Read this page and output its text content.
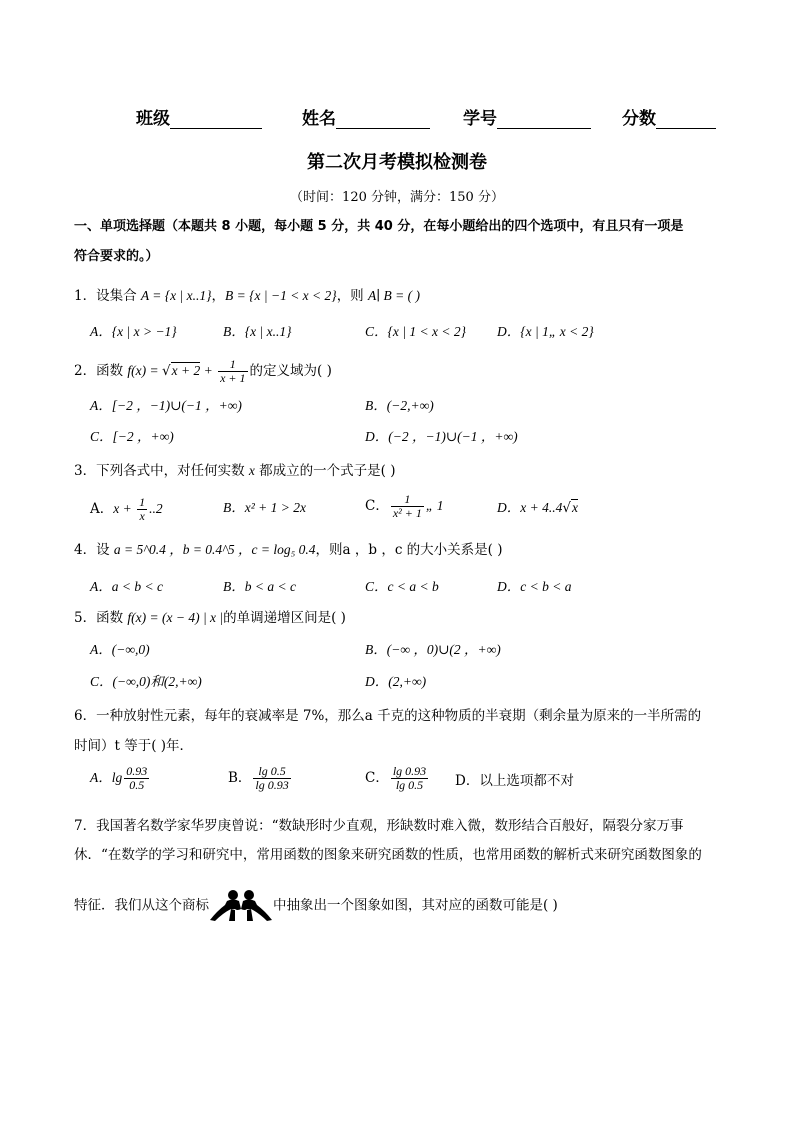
班级	姓名	学号	分数
第二次月考模拟检测卷
（时间：120 分钟，满分：150 分）
一、单项选择题（本题共 8 小题，每小题 5 分，共 40 分，在每小题给出的四个选项中，有且只有一项是
符合要求的。）
1．设集合 A = {x | x..1}，B = {x | −1 < x < 2}，则 A∣ B = ( )
A．{x | x > −1}	B．{x | x..1}	C．{x | 1 < x < 2} D．{x | 1„ x < 2}
2．函数 $f(x) = √x + 2 + \frac{1}{x + 1}$ 的定义域为( )
A．[−2 ，−1)∪(−1 ，+∞)	B．(−2,+∞)
C．[−2 ，+∞)	D．(−2 ，−1)∪(−1 ，+∞)
3．下列各式中，对任何实数 x 都成立的一个式子是( )
A．$x + \frac{1}{x} ..2$	B．x² + 1 > 2x	C． $\frac{1}{\text{x² + 1}}$ „ 1	D．x + 4..4√x
4．设 a = 5^0.4 ，b = 0.4^5 ，c = log₅ 0.4，则a ，b ，c 的大小关系是( )
A．a < b < c	B．b < a < c	C．c < a < b	D．c < b < a
5．函数 f(x) = (x − 4) | x |的单调递增区间是( )
A．(−∞,0)	B．(−∞ ，0)∪(2 ，+∞)
C．(−∞,0)和(2,+∞)	D．(2,+∞)
6．一种放射性元素，每年的衰减率是 7%，那么a 千克的这种物质的半衰期（剩余量为原来的一半所需的
时间）t 等于( )年．
A．$\lg \frac{0.93}{0.5}$	B． $\frac{\lg 0.5}{\lg 0.93}$	C． $\frac{\lg 0.93}{\lg 0.5}$ D．以上选项都不对
7．我国著名数学家华罗庚曾说：“数缺形时少直观，形缺数时难入微，数形结合百般好，隔裂分家万事
休．“在数学的学习和研究中，常用函数的图象来研究函数的性质，也常用函数的解析式来研究函数图象的
特征．我们从这个商标	中抽象出一个图象如图，其对应的函数可能是( )
